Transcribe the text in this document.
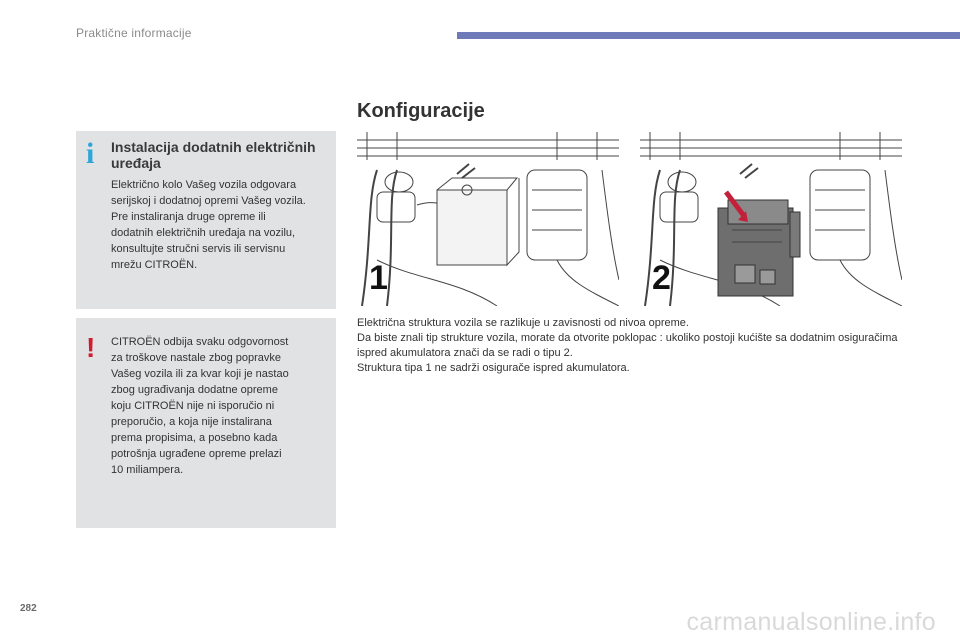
Praktične informacije
i Instalacija dodatnih električnih uređaja
Električno kolo Vašeg vozila odgovara
serijskoj i dodatnoj opremi Vašeg vozila.
Pre instaliranja druge opreme ili
dodatnih električnih uređaja na vozilu,
konsultujte stručni servis ili servisnu
mrežu CITROËN.
! CITROËN odbija svaku odgovornost
za troškove nastale zbog popravke
Vašeg vozila ili za kvar koji je nastao
zbog ugrađivanja dodatne opreme
koju CITROËN nije ni isporučio ni
preporučio, a koja nije instalirana
prema propisima, a posebno kada
potrošnja ugrađene opreme prelazi
10 miliampera.
Konfiguracije
1	2

Električna struktura vozila se razlikuje u zavisnosti od nivoa opreme.

Da biste znali tip strukture vozila, morate da otvorite poklopac : ukoliko postoji kućište sa dodatnim osiguračima ispred akumulatora znači da se radi o tipu 2.

Struktura tipa 1 ne sadrži osigurače ispred akumulatora.

282	carmanualsonline.info
